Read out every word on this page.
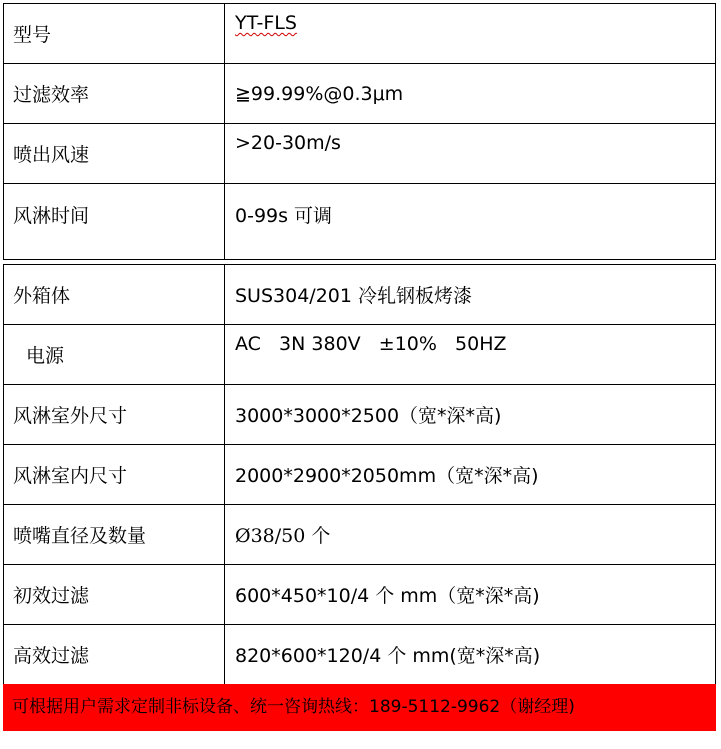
型号	YT-FLS
过滤效率	≧99.99%@0.3μm
喷出风速	>20-30m/s
风淋时间	0-99s 可调
外箱体	SUS304/201 冷轧钢板烤漆
电源	AC   3N 380V   ±10%   50HZ
风淋室外尺寸	3000*3000*2500（宽*深*高)
风淋室内尺寸	2000*2900*2050mm（宽*深*高)
喷嘴直径及数量	Ø38/50 个
初效过滤	600*450*10/4 个 mm（宽*深*高)
高效过滤	820*600*120/4 个 mm(宽*深*高)
可根据用户需求定制非标设备、统一咨询热线：189-5112-9962（谢经理)
